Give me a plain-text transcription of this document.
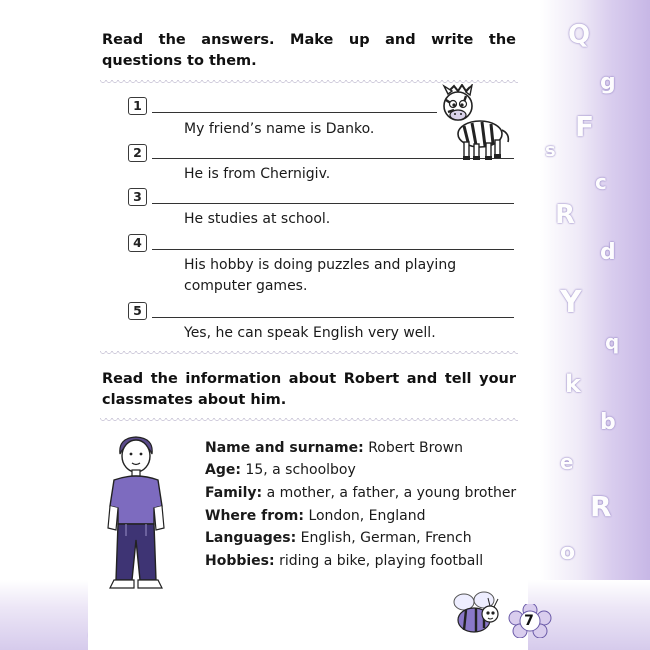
Q
g
F
s
c
R
d
Y
q
k
b
e
R
o
Read the answers. Make up and write the questions to them.
1
My friend’s name is Danko.
2
He is from Chernigiv.
3
He studies at school.
4
His hobby is doing puzzles and playing computer games.
5
Yes, he can speak English very well.
Read the information about Robert and tell your classmates about him.
Name and surname: Robert Brown
Age: 15, a schoolboy
Family: a mother, a father, a young brother
Where from: London, England
Languages: English, German, French
Hobbies: riding a bike, playing football
7
